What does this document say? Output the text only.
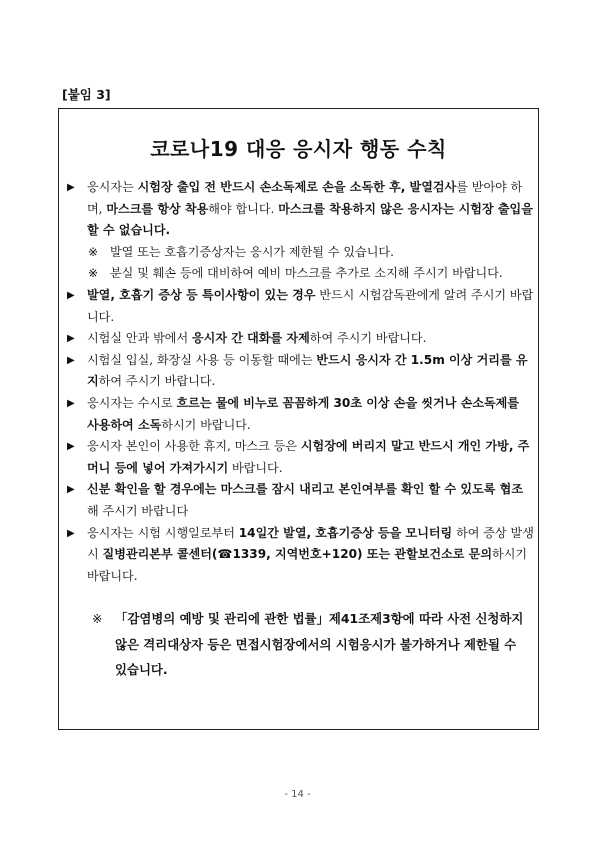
[붙임 3]
코로나19 대응 응시자 행동 수칙
▶ 응시자는 시험장 출입 전 반드시 손소독제로 손을 소독한 후, 발열검사를 받아야 하며, 마스크를 항상 착용해야 합니다. 마스크를 착용하지 않은 응시자는 시험장 출입을 할 수 없습니다.
※ 발열 또는 호흡기증상자는 응시가 제한될 수 있습니다.
※ 분실 및 훼손 등에 대비하여 예비 마스크를 추가로 소지해 주시기 바랍니다.
▶ 발열, 호흡기 증상 등 특이사항이 있는 경우 반드시 시험감독관에게 알려 주시기 바랍니다.
▶ 시험실 안과 밖에서 응시자 간 대화를 자제하여 주시기 바랍니다.
▶ 시험실 입실, 화장실 사용 등 이동할 때에는 반드시 응시자 간 1.5m 이상 거리를 유지하여 주시기 바랍니다.
▶ 응시자는 수시로 흐르는 물에 비누로 꼼꼼하게 30초 이상 손을 씻거나 손소독제를 사용하여 소독하시기 바랍니다.
▶ 응시자 본인이 사용한 휴지, 마스크 등은 시험장에 버리지 말고 반드시 개인 가방, 주머니 등에 넣어 가져가시기 바랍니다.
▶ 신분 확인을 할 경우에는 마스크를 잠시 내리고 본인여부를 확인 할 수 있도록 협조해 주시기 바랍니다
▶ 응시자는 시험 시행일로부터 14일간 발열, 호흡기증상 등을 모니터링 하여 증상 발생 시 질병관리본부 콜센터(☎1339, 지역번호+120) 또는 관할보건소로 문의하시기 바랍니다.
※ 「감염병의 예방 및 관리에 관한 법률」제41조제3항에 따라 사전 신청하지 않은 격리대상자 등은 면접시험장에서의 시험응시가 불가하거나 제한될 수 있습니다.
- 14 -
